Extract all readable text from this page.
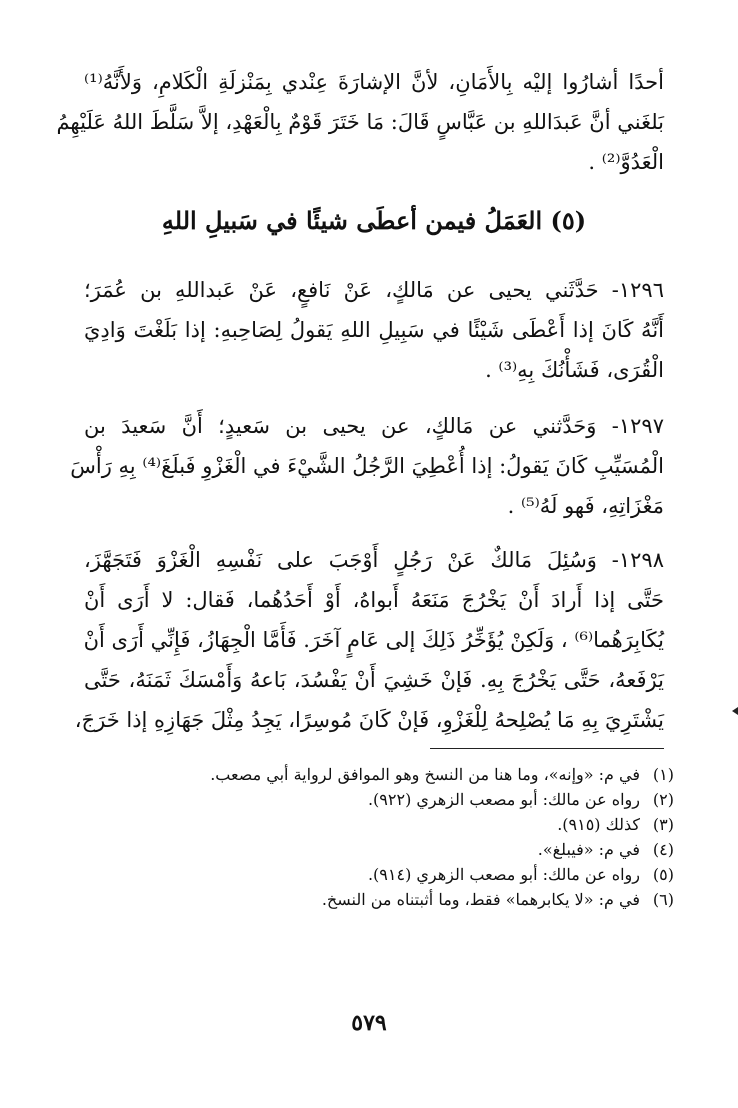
أحدًا أشارُوا إليْه بِالأَمَانِ، لأنَّ الإشارَةَ عِنْدي بِمَنْزلَةِ الْكَلامِ، وَلأَنَّهُ⁽¹⁾
بَلغَني أنَّ عَبدَاللهِ بن عَبَّاسٍ قَالَ: مَا خَتَرَ قَوْمٌ بِالْعَهْدِ، إلاَّ سَلَّطَ اللهُ عَلَيْهِمُ
الْعَدُوَّ⁽²⁾ .
(٥) العَمَلُ فيمن أعطَى شيئًا في سَبيلِ اللهِ
١٢٩٦- حَدَّثَني يحيى عن مَالكٍ، عَنْ نَافعٍ، عَنْ عَبداللهِ بن عُمَرَ؛
أَنَّهُ كَانَ إذا أَعْطَى شَيْئًا في سَبِيلِ اللهِ يَقولُ لِصَاحِبهِ: إذا بَلَغْتَ وَادِيَ
الْقُرَى، فَشَأْنُكَ بِهِ⁽³⁾ .
١٢٩٧- وَحَدَّثني عن مَالكٍ، عن يحيى بن سَعيدٍ؛ أَنَّ سَعيدَ بن
الْمُسَيِّبِ كَانَ يَقولُ: إذا أُعْطِيَ الرَّجُلُ الشَّيْءَ في الْغَزْوِ فَبلَغَ⁽⁴⁾ بِهِ رَأْسَ
مَغْزَاتِهِ، فَهو لَهُ⁽⁵⁾ .
١٢٩٨- وَسُئِلَ مَالكٌ عَنْ رَجُلٍ أَوْجَبَ على نَفْسِهِ الْغَزْوَ فَتَجَهَّزَ،
حَتَّى إذا أَرادَ أَنْ يَخْرُجَ مَنَعَهُ أَبواهُ، أَوْ أَحَدُهُما، فَقال: لا أَرَى أَنْ
يُكَابِرَهُما⁽⁶⁾ ، وَلَكِنْ يُؤَخِّرُ ذَلِكَ إلى عَامٍ آخَرَ. فَأَمَّا الْجِهَازُ، فَإِنِّي أَرَى أَنْ
يَرْفَعهُ، حَتَّى يَخْرُجَ بِهِ. فَإنْ خَشِيَ أَنْ يَفْسُدَ، بَاعهُ وَأَمْسَكَ ثَمَنَهُ، حَتَّى
يَشْتَرِيَ بِهِ مَا يُصْلِحهُ لِلْغَزْوِ، فَإنْ كَانَ مُوسِرًا، يَجِدُ مِثْلَ جَهَازِهِ إذا خَرَجَ،
(١)في م: «وإنه»، وما هنا من النسخ وهو الموافق لرواية أبي مصعب.
(٢)رواه عن مالك: أبو مصعب الزهري (٩٢٢).
(٣)كذلك (٩١٥).
(٤)في م: «فيبلغ».
(٥)رواه عن مالك: أبو مصعب الزهري (٩١٤).
(٦)في م: «لا يكابرهما» فقط، وما أثبتناه من النسخ.
٥٧٩
